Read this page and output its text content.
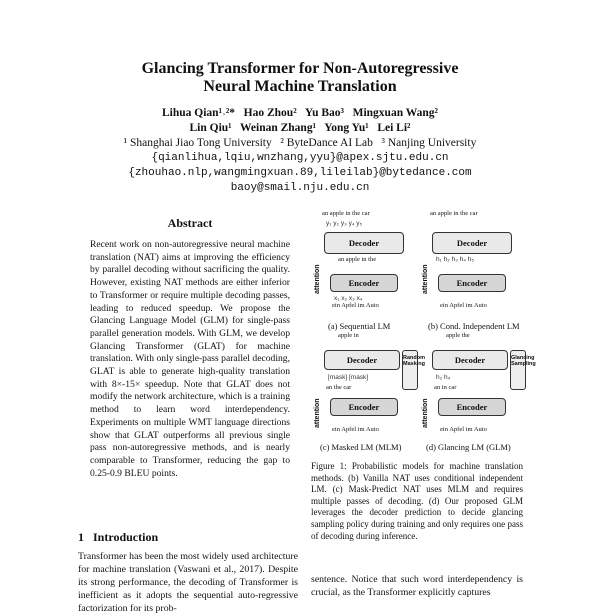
Glancing Transformer for Non-Autoregressive
Neural Machine Translation
Lihua Qian¹˒²*   Hao Zhou²   Yu Bao³   Mingxuan Wang²
Lin Qiu¹   Weinan Zhang¹   Yong Yu¹   Lei Li²
¹ Shanghai Jiao Tong University   ² ByteDance AI Lab   ³ Nanjing University
{qianlihua,lqiu,wnzhang,yyu}@apex.sjtu.edu.cn
{zhouhao.nlp,wangmingxuan.89,lileilab}@bytedance.com
baoy@smail.nju.edu.cn
Abstract
Recent work on non-autoregressive neural machine translation (NAT) aims at improving the efficiency by parallel decoding without sacrificing the quality. However, existing NAT methods are either inferior to Transformer or require multiple decoding passes, leading to reduced speedup. We propose the Glancing Language Model (GLM) for single-pass parallel generation models. With GLM, we develop Glancing Transformer (GLAT) for machine translation. With only single-pass parallel decoding, GLAT is able to generate high-quality translation with 8×-15× speedup. Note that GLAT does not modify the network architecture, which is a training method to learn word interdependency. Experiments on multiple WMT language directions show that GLAT outperforms all previous single pass non-autoregressive methods, and is nearly comparable to Transformer, reducing the gap to 0.25-0.9 BLEU points.
1   Introduction
Transformer has been the most widely used architecture for machine translation (Vaswani et al., 2017). Despite its strong performance, the decoding of Transformer is inefficient as it adopts the sequential auto-regressive factorization for its prob-
an apple in the car
Decoder
an apple in the
attention	Encoder
ein Apfel im Auto
(a) Sequential LM
an apple in the car
Decoder
h₁ h₂ h₃ h₄ h₅
attention	Encoder
ein Apfel im Auto
(b) Cond. Independent LM
apple in
Decoder
[mask] [mask]
an the car
Random Masking
attention	Encoder
ein Apfel im Auto
(c) Masked LM (MLM)
apple the
Decoder
h₂ h₄
an in car
Glancing Sampling
attention	Encoder
ein Apfel im Auto
(d) Glancing LM (GLM)
y₁ y₂ y₃ y₄ y₅
x₁ x₂ x₃ x₄
Figure 1: Probabilistic models for machine translation methods. (b) Vanilla NAT uses conditional independent LM. (c) Mask-Predict NAT uses MLM and requires multiple passes of decoding. (d) Our proposed GLM leverages the decoder prediction to decide glancing sampling policy during training and only requires one pass of decoding during inference.
sentence. Notice that such word interdependency is crucial, as the Transformer explicitly captures
